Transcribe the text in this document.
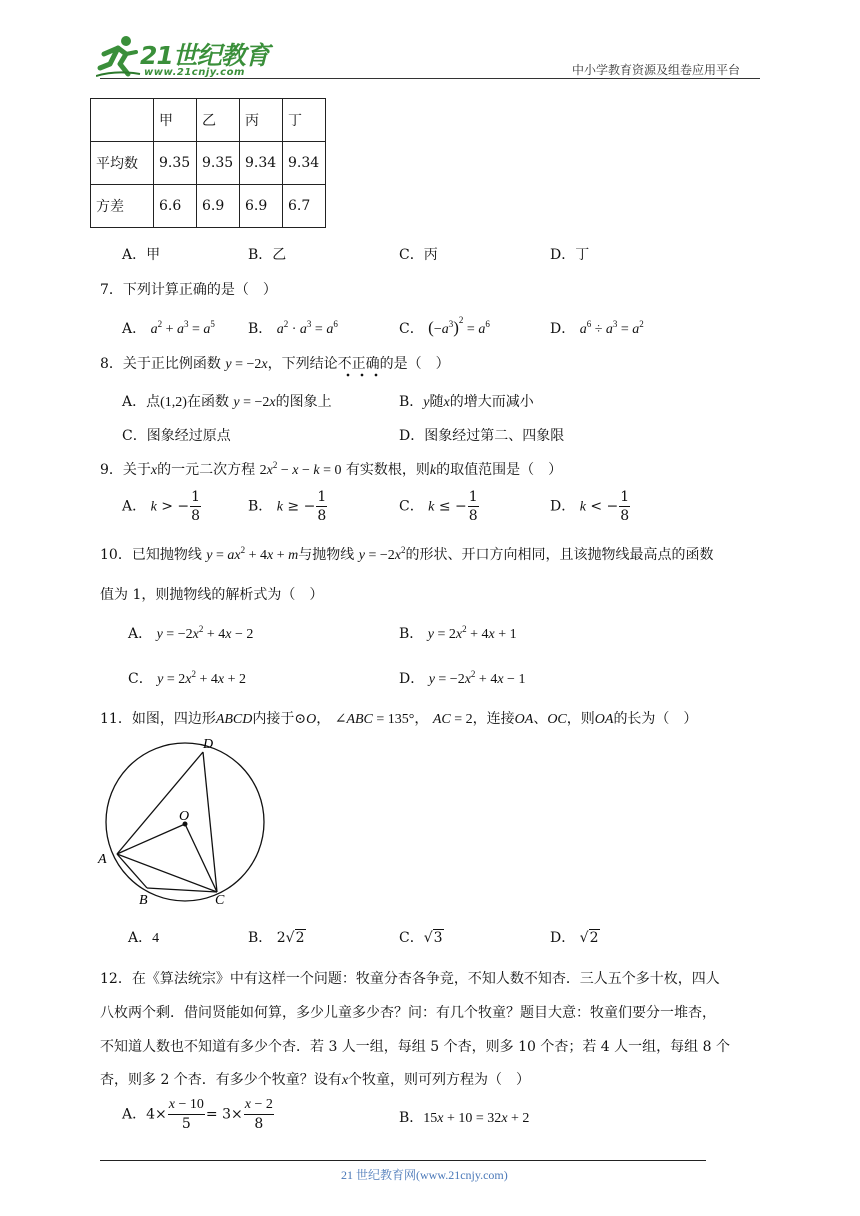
21世纪教育
www.21cnjy.com	中小学教育资源及组卷应用平台
	甲	乙	丙	丁
平均数	9.35	9.35	9.34	9.34
方差	6.6	6.9	6.9	6.7
A．甲	B．乙	C．丙	D．丁
7．下列计算正确的是（　）
A． $a^2 + a^3 = a^5$ B． $a^2 \cdot a^3 = a^6$	C． $(-a^3)^2 = a^6$	D． $a^6 \div a^3 = a^2$
8．关于正比例函数 y = −2x，下列结论不正确的是（　）
A．点(1,2)在函数 y = −2x的图象上	B．y随x的增大而减小
C．图象经过原点	D．图象经过第二、四象限
9．关于x的一元二次方程 $2x^2 - x - k = 0$ 有实数根，则k的取值范围是（　）
A． k > − $\frac{1}{8}$	B． k ≥ − $\frac{1}{8}$	C． k ≤ − $\frac{1}{8}$	D． k < − $\frac{1}{8}$
10．已知抛物线 $y = ax^2 + 4x + m$与抛物线 $y = -2x^2$的形状、开口方向相同，且该抛物线最高点的函数
值为 1，则抛物线的解析式为（　）
A． $y = -2x^2 + 4x - 2$	B． $y = 2x^2 + 4x + 1$
C． $y = 2x^2 + 4x + 2$	D． $y = -2x^2 + 4x - 1$
11．如图，四边形ABCD内接于⊙O， ∠ABC = 135°， AC = 2，连接OA、OC，则OA的长为（　）
D
O
A
B	C
A．4	B． 2√2	C．√3	D． √2
12．在《算法统宗》中有这样一个问题：牧童分杏各争竞，不知人数不知杏．三人五个多十枚，四人
八枚两个剩．借问贤能如何算，多少儿童多少杏？问：有几个牧童？题目大意：牧童们要分一堆杏，
不知道人数也不知道有多少个杏．若 3 人一组，每组 5 个杏，则多 10 个杏；若 4 人一组，每组 8 个
杏，则多 2 个杏．有多少个牧童？设有x个牧童，则可列方程为（　）
A．$4\times \frac{x - 10}{5} = 3\times \frac{x - 2}{8}$	B．15x + 10 = 32x + 2
21 世纪教育网(www.21cnjy.com)
